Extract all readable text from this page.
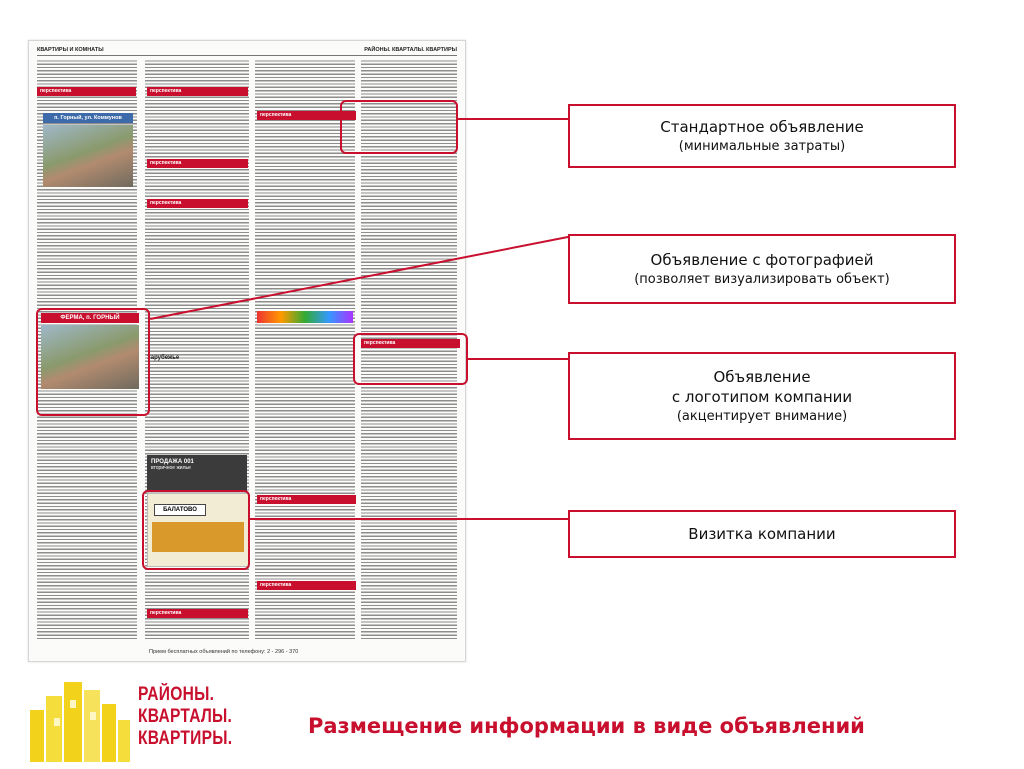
КВАРТИРЫ И КОМНАТЫ	РАЙОНЫ. КВАРТАЛЫ. КВАРТИРЫ
перспектива
п. Горный, ул. Коммунов
ФЕРМА, п. ГОРНЫЙ
перспектива
перспектива
перспектива
Зарубежье
ПРОДАЖА 001
вторичное жилье
БАЛАТОВО
перспектива
перспектива
перспектива
перспектива
перспектива
Прием бесплатных объявлений по телефону: 2 - 296 - 370
Стандартное объявление
(минимальные затраты)
Объявление с фотографией
(позволяет визуализировать объект)
Объявление
с логотипом компании
(акцентирует внимание)
Визитка компании
РАЙОНЫ.
КВАРТАЛЫ.
КВАРТИРЫ.
Размещение информации в виде объявлений
